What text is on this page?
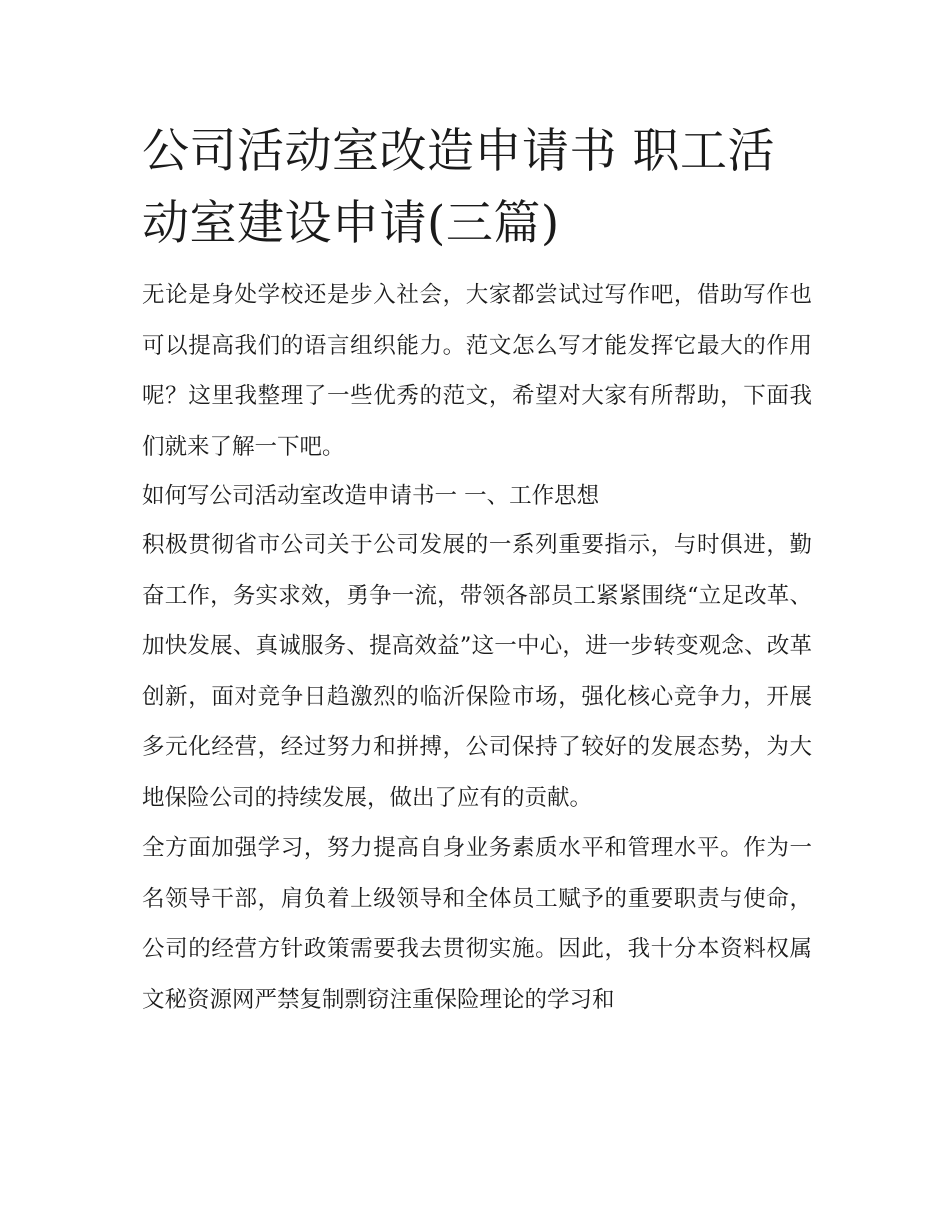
公司活动室改造申请书 职工活动室建设申请(三篇)

无论是身处学校还是步入社会，大家都尝试过写作吧，借助写作也可以提高我们的语言组织能力。范文怎么写才能发挥它最大的作用呢？这里我整理了一些优秀的范文，希望对大家有所帮助，下面我们就来了解一下吧。

如何写公司活动室改造申请书一 一、工作思想

积极贯彻省市公司关于公司发展的一系列重要指示，与时俱进，勤奋工作，务实求效，勇争一流，带领各部员工紧紧围绕“立足改革、加快发展、真诚服务、提高效益”这一中心，进一步转变观念、改革创新，面对竞争日趋激烈的临沂保险市场，强化核心竞争力，开展多元化经营，经过努力和拼搏，公司保持了较好的发展态势，为大地保险公司的持续发展，做出了应有的贡献。

全方面加强学习，努力提高自身业务素质水平和管理水平。作为一名领导干部，肩负着上级领导和全体员工赋予的重要职责与使命，公司的经营方针政策需要我去贯彻实施。因此，我十分本资料权属文秘资源网严禁复制剽窃注重保险理论的学习和
